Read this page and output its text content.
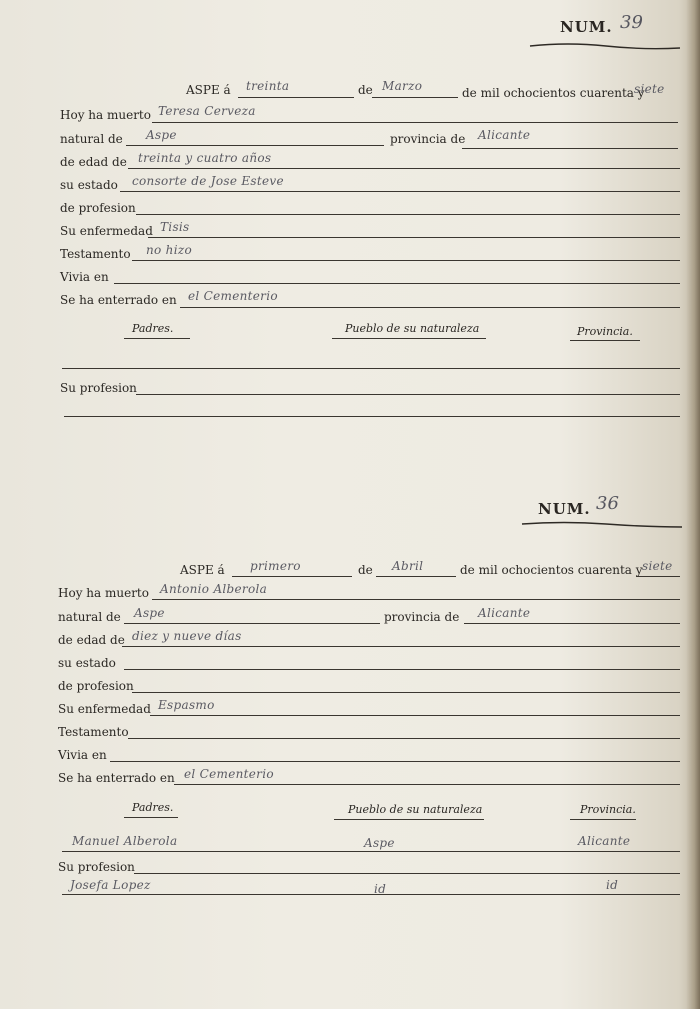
NUM. 39
ASPE á treinta	de Marzo	de mil ochocientos cuarenta y
siete
Hoy ha muerto Teresa Cerveza
natural de Aspe	provincia de Alicante
de edad de treinta y cuatro años
su estado consorte de Jose Esteve
de profesion
Su enfermedad Tisis
Testamento no hizo
Vivia en
Se ha enterrado en el Cementerio
Padres.	Pueblo de su naturaleza	Provincia.
Su profesion
NUM. 36
ASPE á primero	de Abril	de mil ochocientos cuarenta y siete
Hoy ha muerto Antonio Alberola
natural de Aspe	provincia de Alicante
de edad de diez y nueve días
su estado
de profesion
Su enfermedad Espasmo
Testamento
Vivia en
Se ha enterrado en el Cementerio
Padres.	Pueblo de su naturaleza	Provincia.
Manuel Alberola	Aspe	Alicante
Su profesion
Josefa Lopez	id	id
